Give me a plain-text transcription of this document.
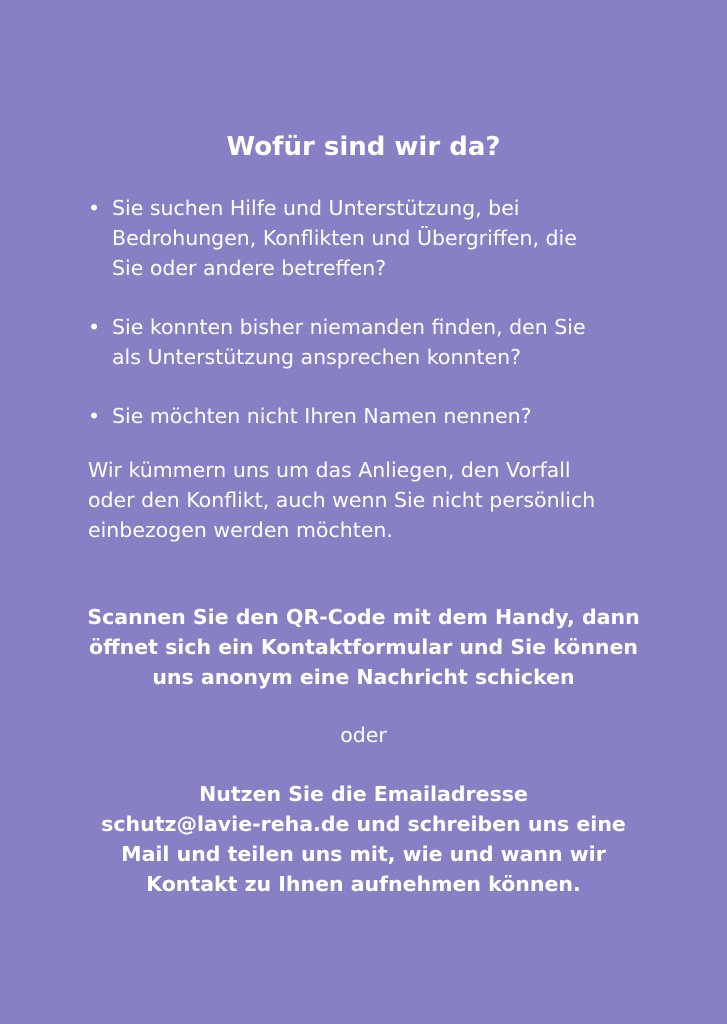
Wofür sind wir da?
• Sie suchen Hilfe und Unterstützung, bei
Bedrohungen, Konflikten und Übergriffen, die
Sie oder andere betreffen?
• Sie konnten bisher niemanden finden, den Sie
als Unterstützung ansprechen konnten?
• Sie möchten nicht Ihren Namen nennen?

Wir kümmern uns um das Anliegen, den Vorfall
oder den Konflikt, auch wenn Sie nicht persönlich
einbezogen werden möchten.

Scannen Sie den QR-Code mit dem Handy, dann
öffnet sich ein Kontaktformular und Sie können
uns anonym eine Nachricht schicken

oder

Nutzen Sie die Emailadresse
schutz@lavie-reha.de und schreiben uns eine
Mail und teilen uns mit, wie und wann wir
Kontakt zu Ihnen aufnehmen können.
